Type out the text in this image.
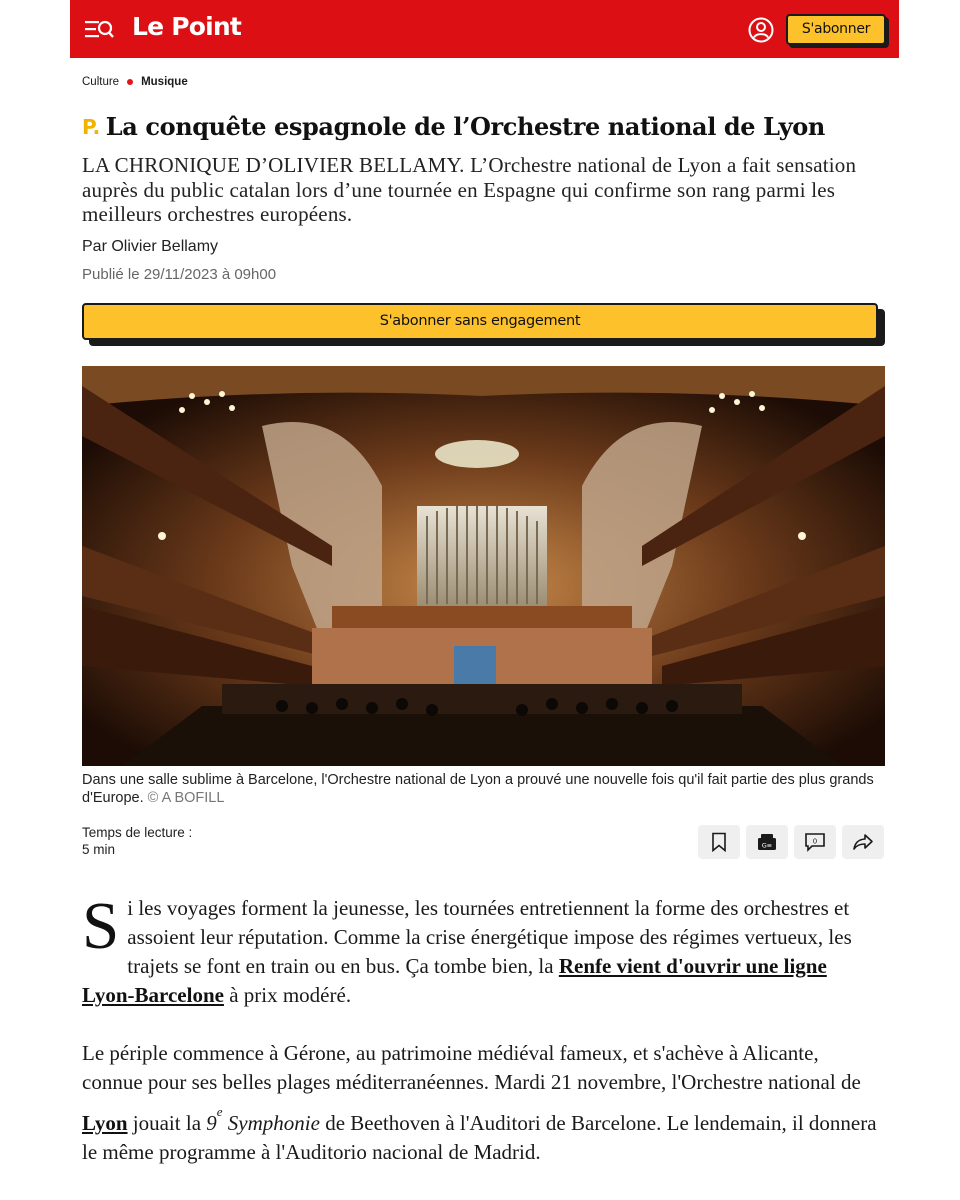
Le Point	S'abonner
Culture Musique
P. La conquête espagnole de l’Orchestre national de Lyon
LA CHRONIQUE D’OLIVIER BELLAMY. L’Orchestre national de Lyon a fait sensation auprès du public catalan lors d’une tournée en Espagne qui confirme son rang parmi les meilleurs orchestres européens.
Par Olivier Bellamy
Publié le 29/11/2023 à 09h00
S'abonner sans engagement
Dans une salle sublime à Barcelone, l'Orchestre national de Lyon a prouvé une nouvelle fois qu'il fait partie des plus grands d'Europe. © A BOFILL
Temps de lecture :
5 min	G≡	0

Si les voyages forment la jeunesse, les tournées entretiennent la forme des orchestres et assoient leur réputation. Comme la crise énergétique impose des régimes vertueux, les trajets se font en train ou en bus. Ça tombe bien, la Renfe vient d'ouvrir une ligne Lyon-Barcelone à prix modéré.

Le périple commence à Gérone, au patrimoine médiéval fameux, et s'achève à Alicante, connue pour ses belles plages méditerranéennes. Mardi 21 novembre, l'Orchestre national de Lyon jouait la 9e Symphonie de Beethoven à l'Auditori de Barcelone. Le lendemain, il donnera le même programme à l'Auditorio nacional de Madrid.
